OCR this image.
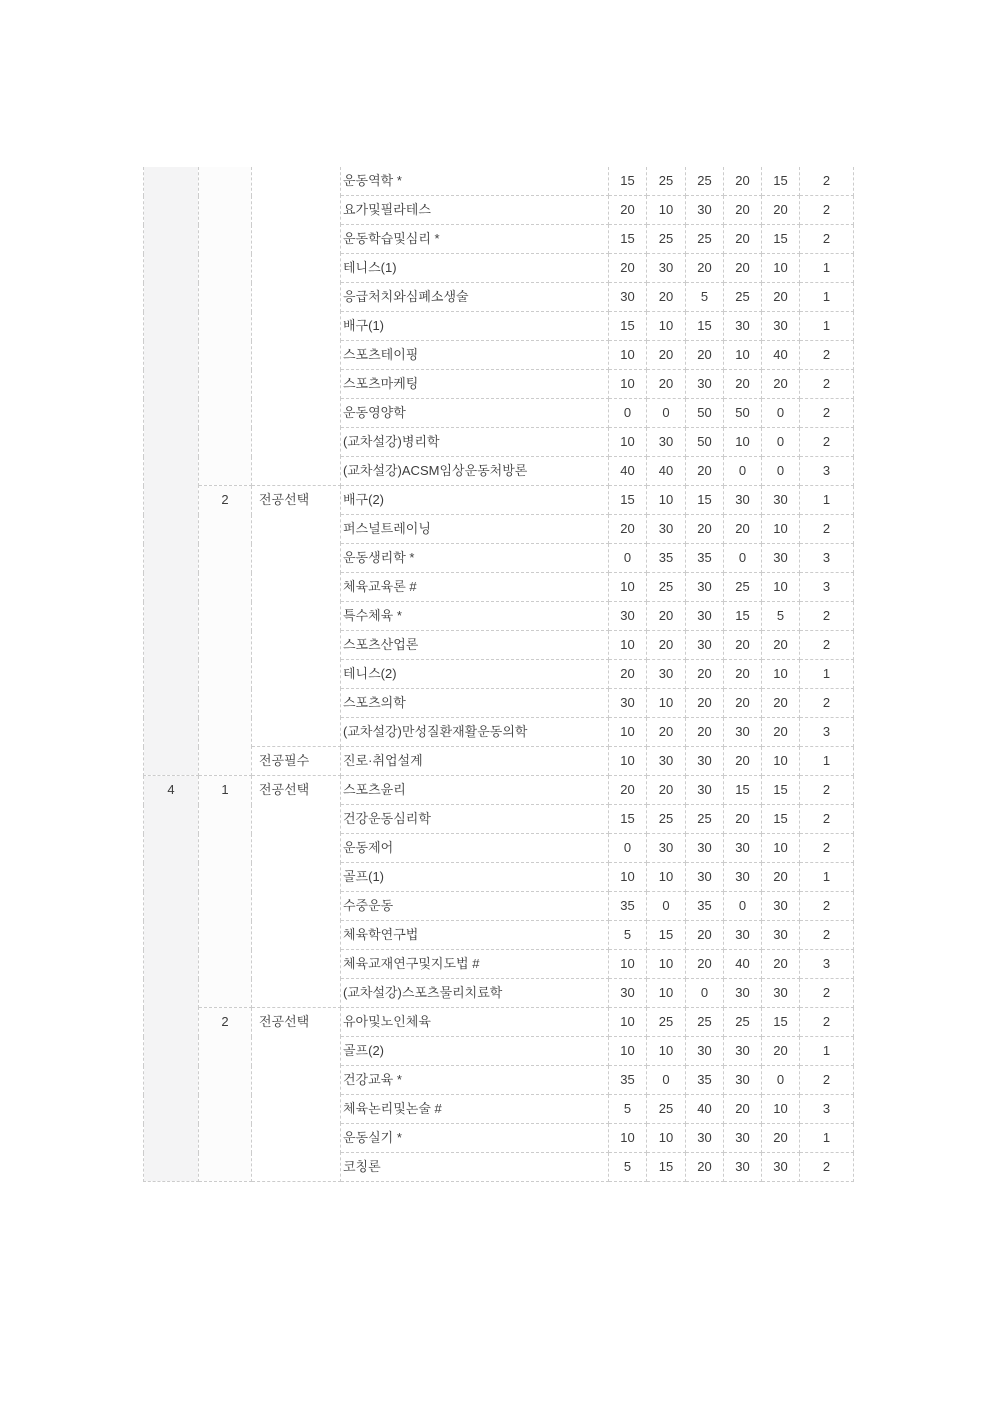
			운동역학 *	15	25	25	20	15	2
			요가및필라테스	20	10	30	20	20	2
			운동학습및심리 *	15	25	25	20	15	2
			테니스(1)	20	30	20	20	10	1
			응급처치와심폐소생술	30	20	5	25	20	1
			배구(1)	15	10	15	30	30	1
			스포츠테이핑	10	20	20	10	40	2
			스포츠마케팅	10	20	30	20	20	2
			운동영양학	0	0	50	50	0	2
			(교차설강)병리학	10	30	50	10	0	2
			(교차설강)ACSM임상운동처방론	40	40	20	0	0	3
	2	전공선택	배구(2)	15	10	15	30	30	1
			퍼스널트레이닝	20	30	20	20	10	2
			운동생리학 *	0	35	35	0	30	3
			체육교육론 #	10	25	30	25	10	3
			특수체육 *	30	20	30	15	5	2
			스포츠산업론	10	20	30	20	20	2
			테니스(2)	20	30	20	20	10	1
			스포츠의학	30	10	20	20	20	2
			(교차설강)만성질환재활운동의학	10	20	20	30	20	3
		전공필수	진로·취업설계	10	30	30	20	10	1
4	1	전공선택	스포츠윤리	20	20	30	15	15	2
			건강운동심리학	15	25	25	20	15	2
			운동제어	0	30	30	30	10	2
			골프(1)	10	10	30	30	20	1
			수중운동	35	0	35	0	30	2
			체육학연구법	5	15	20	30	30	2
			체육교재연구및지도법 #	10	10	20	40	20	3
			(교차설강)스포츠물리치료학	30	10	0	30	30	2
	2	전공선택	유아및노인체육	10	25	25	25	15	2
			골프(2)	10	10	30	30	20	1
			건강교육 *	35	0	35	30	0	2
			체육논리및논술 #	5	25	40	20	10	3
			운동실기 *	10	10	30	30	20	1
			코칭론	5	15	20	30	30	2
